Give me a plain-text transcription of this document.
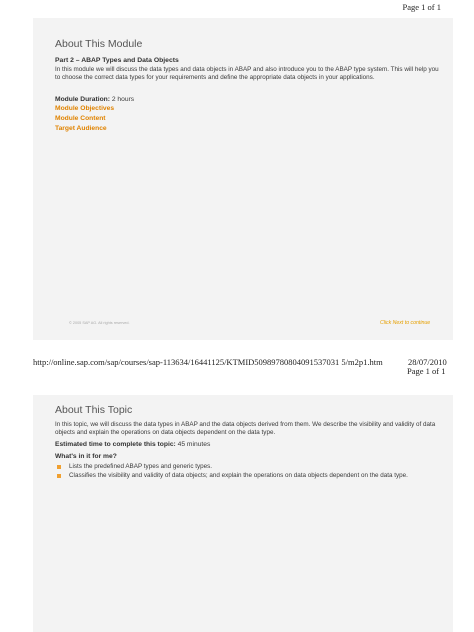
Page 1 of 1
About This Module
Part 2 – ABAP Types and Data Objects
In this module we will discuss the data types and data objects in ABAP and also introduce you to the ABAP type system. This will help you to choose the correct data types for your requirements and define the appropriate data objects in your applications.
Module Duration: 2 hours
Module Objectives
Module Content
Target Audience
© 2005 SAP AG. All rights reserved.	Click Next to continue
http://online.sap.com/sap/courses/sap-113634/16441125/KTMID50989780804091537031 5/m2p1.htm	28/07/2010
Page 1 of 1
About This Topic
In this topic, we will discuss the data types in ABAP and the data objects derived from them. We describe the visibility and validity of data objects and explain the operations on data objects dependent on the data type.
Estimated time to complete this topic: 45 minutes
What's in it for me?
Lists the predefined ABAP types and generic types.
Classifies the visibility and validity of data objects; and explain the operations on data objects dependent on the data type.
